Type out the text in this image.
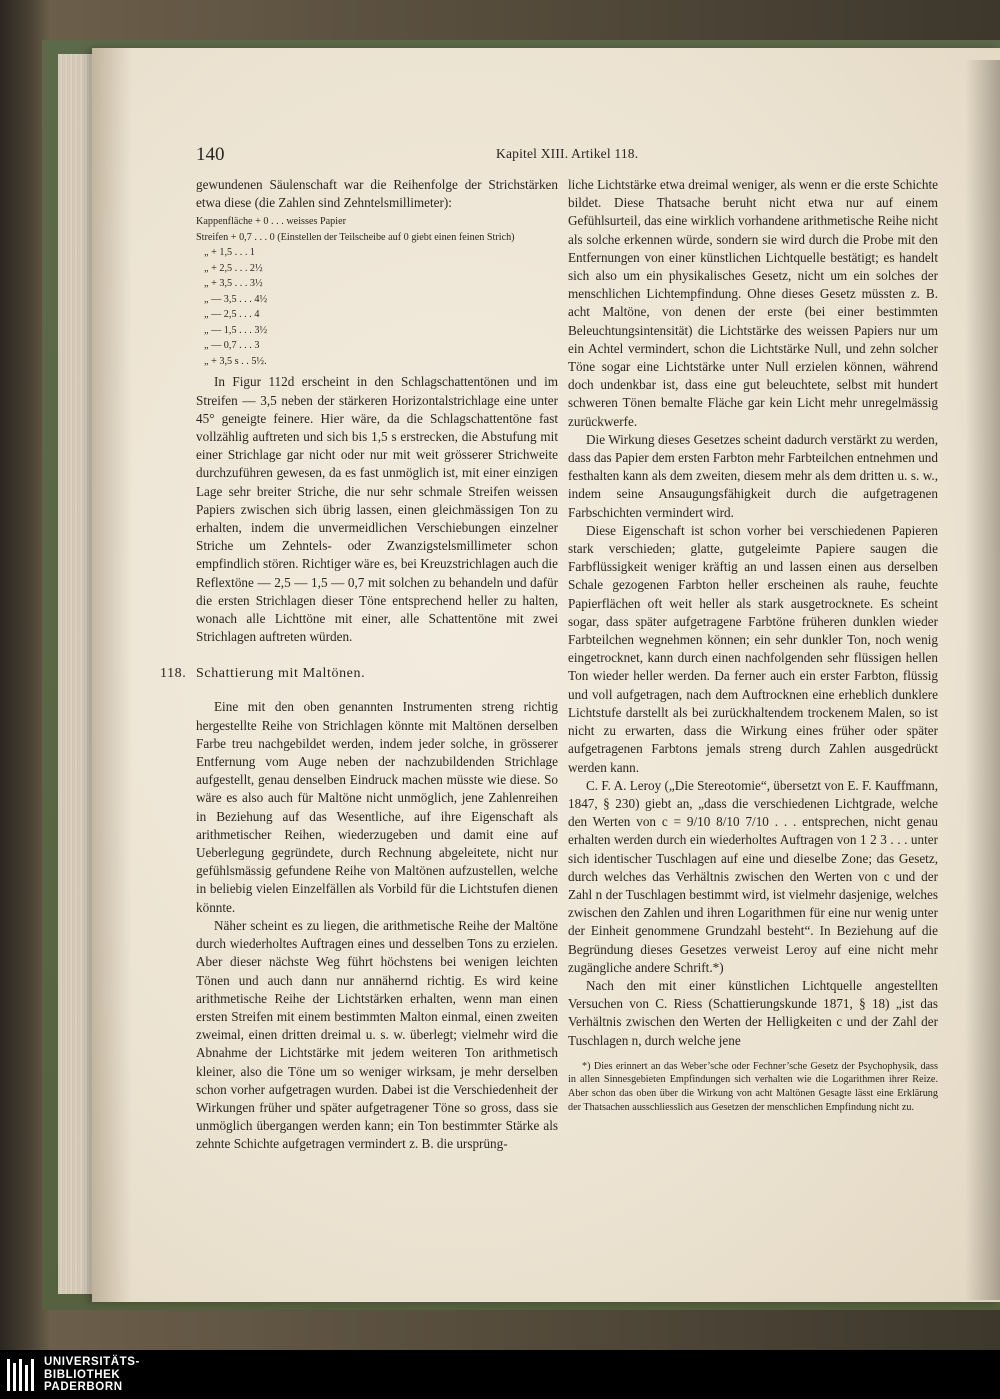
140	Kapitel XIII. Artikel 118.

gewundenen Säulenschaft war die Reihenfolge der Strichstärken etwa diese (die Zahlen sind Zehntelsmillimeter):

Kappenfläche + 0 . . . weisses Papier
Streifen + 0,7 . . . 0 (Einstellen der Teilscheibe auf 0 giebt einen feinen Strich)
„ + 1,5 . . . 1
„ + 2,5 . . . 2½
„ + 3,5 . . . 3½
„ — 3,5 . . . 4½
„ — 2,5 . . . 4
„ — 1,5 . . . 3½
„ — 0,7 . . . 3
„ + 3,5 s . . 5½.

In Figur 112d erscheint in den Schlagschattentönen und im Streifen — 3,5 neben der stärkeren Horizontalstrichlage eine unter 45° geneigte feinere. Hier wäre, da die Schlagschattentöne fast vollzählig auftreten und sich bis 1,5 s erstrecken, die Abstufung mit einer Strichlage gar nicht oder nur mit weit grösserer Strichweite durchzuführen gewesen, da es fast unmöglich ist, mit einer einzigen Lage sehr breiter Striche, die nur sehr schmale Streifen weissen Papiers zwischen sich übrig lassen, einen gleichmässigen Ton zu erhalten, indem die unvermeidlichen Verschiebungen einzelner Striche um Zehntels- oder Zwanzigstelsmillimeter schon empfindlich stören. Richtiger wäre es, bei Kreuzstrichlagen auch die Reflextöne — 2,5 — 1,5 — 0,7 mit solchen zu behandeln und dafür die ersten Strichlagen dieser Töne entsprechend heller zu halten, wonach alle Lichttöne mit einer, alle Schattentöne mit zwei Strichlagen auftreten würden.

118. Schattierung mit Maltönen.

Eine mit den oben genannten Instrumenten streng richtig hergestellte Reihe von Strichlagen könnte mit Maltönen derselben Farbe treu nachgebildet werden, indem jeder solche, in grösserer Entfernung vom Auge neben der nachzubildenden Strichlage aufgestellt, genau denselben Eindruck machen müsste wie diese. So wäre es also auch für Maltöne nicht unmöglich, jene Zahlenreihen in Beziehung auf das Wesentliche, auf ihre Eigenschaft als arithmetischer Reihen, wiederzugeben und damit eine auf Ueberlegung gegründete, durch Rechnung abgeleitete, nicht nur gefühlsmässig gefundene Reihe von Maltönen aufzustellen, welche in beliebig vielen Einzelfällen als Vorbild für die Lichtstufen dienen könnte.

Näher scheint es zu liegen, die arithmetische Reihe der Maltöne durch wiederholtes Auftragen eines und desselben Tons zu erzielen. Aber dieser nächste Weg führt höchstens bei wenigen leichten Tönen und auch dann nur annähernd richtig. Es wird keine arithmetische Reihe der Lichtstärken erhalten, wenn man einen ersten Streifen mit einem bestimmten Malton einmal, einen zweiten zweimal, einen dritten dreimal u. s. w. überlegt; vielmehr wird die Abnahme der Lichtstärke mit jedem weiteren Ton arithmetisch kleiner, also die Töne um so weniger wirksam, je mehr derselben schon vorher aufgetragen wurden. Dabei ist die Verschiedenheit der Wirkungen früher und später aufgetragener Töne so gross, dass sie unmöglich übergangen werden kann; ein Ton bestimmter Stärke als zehnte Schichte aufgetragen vermindert z. B. die ursprüng-

liche Lichtstärke etwa dreimal weniger, als wenn er die erste Schichte bildet. Diese Thatsache beruht nicht etwa nur auf einem Gefühlsurteil, das eine wirklich vorhandene arithmetische Reihe nicht als solche erkennen würde, sondern sie wird durch die Probe mit den Entfernungen von einer künstlichen Lichtquelle bestätigt; es handelt sich also um ein physikalisches Gesetz, nicht um ein solches der menschlichen Lichtempfindung. Ohne dieses Gesetz müssten z. B. acht Maltöne, von denen der erste (bei einer bestimmten Beleuchtungsintensität) die Lichtstärke des weissen Papiers nur um ein Achtel vermindert, schon die Lichtstärke Null, und zehn solcher Töne sogar eine Lichtstärke unter Null erzielen können, während doch undenkbar ist, dass eine gut beleuchtete, selbst mit hundert schweren Tönen bemalte Fläche gar kein Licht mehr unregelmässig zurückwerfe.

Die Wirkung dieses Gesetzes scheint dadurch verstärkt zu werden, dass das Papier dem ersten Farbton mehr Farbteilchen entnehmen und festhalten kann als dem zweiten, diesem mehr als dem dritten u. s. w., indem seine Ansaugungsfähigkeit durch die aufgetragenen Farbschichten vermindert wird.

Diese Eigenschaft ist schon vorher bei verschiedenen Papieren stark verschieden; glatte, gutgeleimte Papiere saugen die Farbflüssigkeit weniger kräftig an und lassen einen aus derselben Schale gezogenen Farbton heller erscheinen als rauhe, feuchte Papierflächen oft weit heller als stark ausgetrocknete. Es scheint sogar, dass später aufgetragene Farbtöne früheren dunklen wieder Farbteilchen wegnehmen können; ein sehr dunkler Ton, noch wenig eingetrocknet, kann durch einen nachfolgenden sehr flüssigen hellen Ton wieder heller werden. Da ferner auch ein erster Farbton, flüssig und voll aufgetragen, nach dem Auftrocknen eine erheblich dunklere Lichtstufe darstellt als bei zurückhaltendem trockenem Malen, so ist nicht zu erwarten, dass die Wirkung eines früher oder später aufgetragenen Farbtons jemals streng durch Zahlen ausgedrückt werden kann.

C. F. A. Leroy („Die Stereotomie“, übersetzt von E. F. Kauffmann, 1847, § 230) giebt an, „dass die verschiedenen Lichtgrade, welche den Werten von c = 9/10 8/10 7/10 . . . entsprechen, nicht genau erhalten werden durch ein wiederholtes Auftragen von 1 2 3 . . . unter sich identischer Tuschlagen auf eine und dieselbe Zone; das Gesetz, durch welches das Verhältnis zwischen den Werten von c und der Zahl n der Tuschlagen bestimmt wird, ist vielmehr dasjenige, welches zwischen den Zahlen und ihren Logarithmen für eine nur wenig unter der Einheit genommene Grundzahl besteht“. In Beziehung auf die Begründung dieses Gesetzes verweist Leroy auf eine nicht mehr zugängliche andere Schrift.*)

Nach den mit einer künstlichen Lichtquelle angestellten Versuchen von C. Riess (Schattierungskunde 1871, § 18) „ist das Verhältnis zwischen den Werten der Helligkeiten c und der Zahl der Tuschlagen n, durch welche jene

*) Dies erinnert an das Weber’sche oder Fechner’sche Gesetz der Psychophysik, dass in allen Sinnesgebieten Empfindungen sich verhalten wie die Logarithmen ihrer Reize. Aber schon das oben über die Wirkung von acht Maltönen Gesagte lässt eine Erklärung der Thatsachen ausschliesslich aus Gesetzen der menschlichen Empfindung nicht zu.

UNIVERSITÄTS-
BIBLIOTHEK
PADERBORN
